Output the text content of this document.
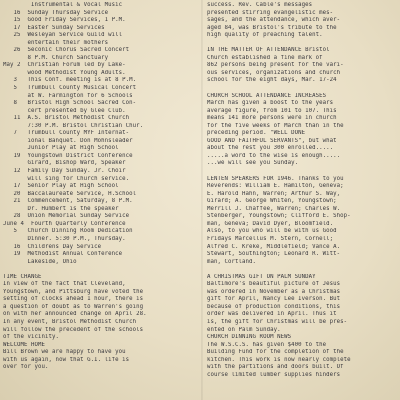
Instrumental & Vocal Music
16  Sunday Thursday Service
15  Good Friday Services, 1 P.M.
17  Easter Sunday Services
25  Wesleyan Service Guild will
entertain their mothers
26  Seconic Chorus Sacred Concert
8 P.M. Church Sanctuary
May 2  Christian Forum led by Lake-
wood Methodist Young Adults.
3   This Conf. meeting is at 8 P.M.
5   Trumbull County Musical Concert
at W. Farmington for 6 Schools
8   Bristol High School Sacred Con-
cert presented by Glee Club.
11  A.S. Bristol Methodist Church
7:30 P.M. Bristol Christian Chur.
7   Trumbull County MYF Internat-
ional Banquet. Don Mohnsleader
Junior Play at High School
19  Youngstown District Conference
Girard, Bishop Ward, Speaker
12  Family Day Sunday. Jr. Choir
will sing for Church service.
17  Senior Play at High School
20  Baccalaureate Service, H.School
21  Commencement, Saturday, 8 P.M.
Dr. Humbert is the speaker
28  Union Memorial Sunday Service
June 4  Fourth Quarterly Conference
5   Church Dinning Room Dedication
Dinner. 5:30 P.M., Thursday.
16  Childrens Day Service
19  Methodist Annual Conference
Lakeside, Ohio
TIME CHANGE
In view of the fact that Cleveland,
Youngstown, and Pittsburg have voted the
setting of clocks ahead 1 hour, there is
a question of doubt as to Warren's going
on with her announced change on April 28.
In any event, Bristol Methodist Church
will follow the precedent of the schools
of the vicinity.
WELCOME HOME
Bill Brown we are happy to have you
with us again, now that G.I. life is
over for you.
success. Rev. Cable's messages
presented stirring evangelistic mes-
sages, and the attendance, which aver-
aged 84, was Bristol's tribute to the
high quality of preaching talent.
IN THE MATTER OF ATTENDANCE Bristol
Church established a fine mark of
862 persons being present for the vari-
ous services, organizations and church
school for the eight days, Mar. 17-24
CHURCH SCHOOL ATTENDANCE INCREASES
March has given a boost to the years
average figure, from 101 to 107. This
means 141 more persons were in church
for the five weeks of March than in the
preceding period. "WELL DONE
GOOD AND FAITHFUL SERVANTS", but what
about the rest you 300 enrolled.....
.....a word to the wise is enough.....
...we will see you Sunday.
LENTEN SPEAKERS FOR 1946. Thanks to you
Reverends: William E. Hamilton, Geneva;
E. Harold Hahn, Warren; Arthur S. Way,
Girard; A. George Whiten, Youngstown;
Merrill J. Chaffee, Warren; Charles W.
Stenberger, Youngstown; Clifford E. Shop-
man, Geneva; David Dyer, Bloomfield.
Also, to you who will be with us Good
Fridays Marcellus M. Stern, Cornell;
Alfred C. Kreke, Middlefield; Vance A.
Stewart, Southington; Leonard R. Witt-
man, Cortland.
A CHRISTMAS GIFT ON PALM SUNDAY
Baltimore's beautiful picture of Jesus
was ordered in November as a Christmas
gift for April, Nancy Lee Iverson. But
because of production conditions, this
order was delivered in April. Thus it
is, the gift for Christmas will be pres-
ented on Palm Sunday.
CHURCH DINNING ROOM NEWS
The W.S.C.S. has given $400 to the
Building Fund for the completion of the
kitchen. This work is now nearly complete
with the partitions and doors built. Of
course limited lumber supplies hinders
